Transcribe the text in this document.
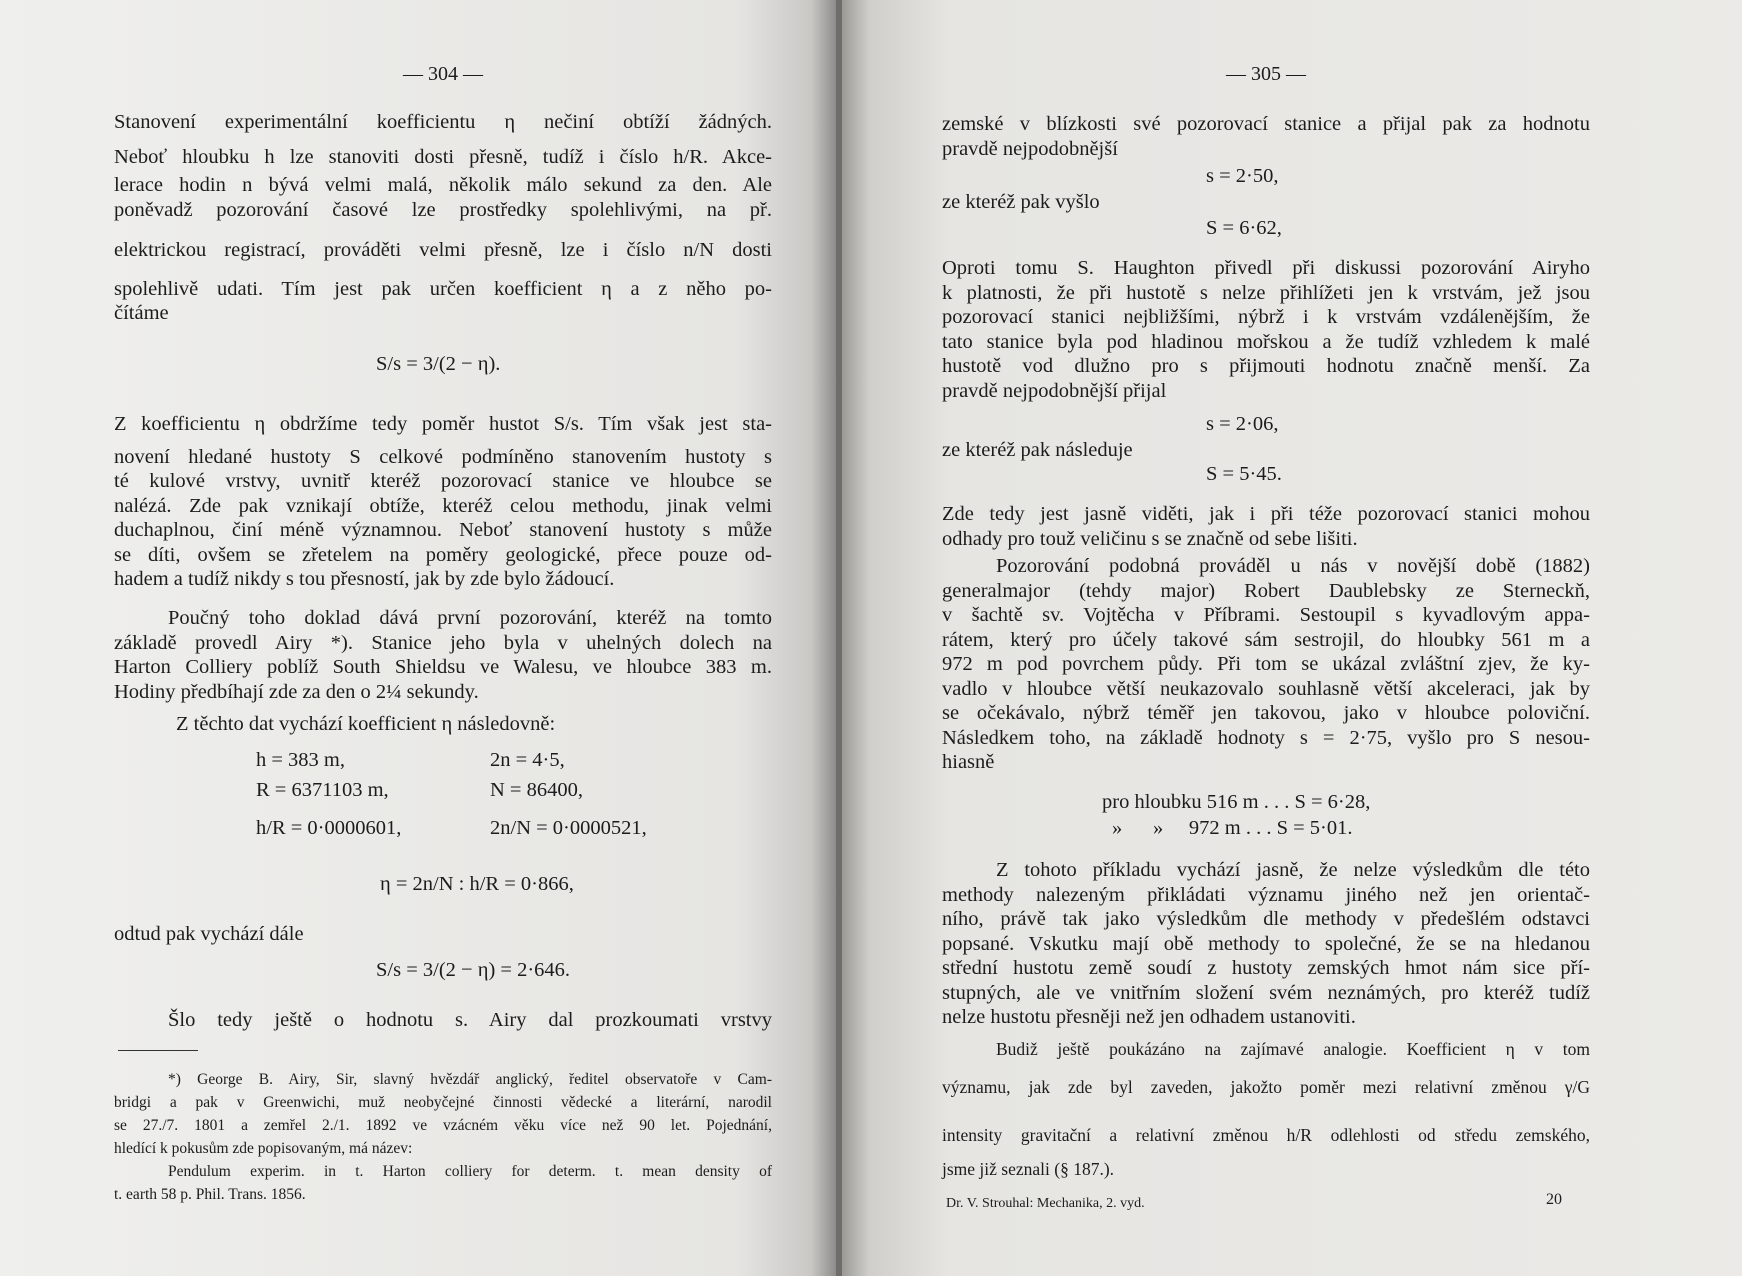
— 304 —
Stanovení experimentální koefficientu η nečiní obtíží žádných.
Neboť hloubku h lze stanoviti dosti přesně, tudíž i číslo h/R. Akce-
lerace hodin n bývá velmi malá, několik málo sekund za den. Ale
poněvadž pozorování časové lze prostředky spolehlivými, na př.
elektrickou registrací, prováděti velmi přesně, lze i číslo n/N dosti
spolehlivě udati. Tím jest pak určen koefficient η a z něho po-
čítáme
S/s = 3/(2 − η).
Z koefficientu η obdržíme tedy poměr hustot S/s. Tím však jest sta-
novení hledané hustoty S celkové podmíněno stanovením hustoty s
té kulové vrstvy, uvnitř kteréž pozorovací stanice ve hloubce se
nalézá. Zde pak vznikají obtíže, kteréž celou methodu, jinak velmi
duchaplnou, činí méně významnou. Neboť stanovení hustoty s může
se díti, ovšem se zřetelem na poměry geologické, přece pouze od-
hadem a tudíž nikdy s tou přesností, jak by zde bylo žádoucí.
Poučný toho doklad dává první pozorování, kteréž na tomto
základě provedl Airy *). Stanice jeho byla v uhelných dolech na
Harton Colliery poblíž South Shieldsu ve Walesu, ve hloubce 383 m.
Hodiny předbíhají zde za den o 2¼ sekundy.
Z těchto dat vychází koefficient η následovně:
h = 383 m,	2n = 4·5,
R = 6371103 m,	N = 86400,
h/R = 0·0000601,	2n/N = 0·0000521,
η = 2n/N : h/R = 0·866,
odtud pak vychází dále
S/s = 3/(2 − η) = 2·646.
Šlo tedy ještě o hodnotu s. Airy dal prozkoumati vrstvy
*) George B. Airy, Sir, slavný hvězdář anglický, ředitel observatoře v Cam-
bridgi a pak v Greenwichi, muž neobyčejné činnosti vědecké a literární, narodil
se 27./7. 1801 a zemřel 2./1. 1892 ve vzácném věku více než 90 let. Pojednání,
hledící k pokusům zde popisovaným, má název:
Pendulum experim. in t. Harton colliery for determ. t. mean density of
t. earth 58 p. Phil. Trans. 1856.
— 305 —
zemské v blízkosti své pozorovací stanice a přijal pak za hodnotu
pravdě nejpodobnější
s = 2·50,
ze kteréž pak vyšlo
S = 6·62,
Oproti tomu S. Haughton přivedl při diskussi pozorování Airyho
k platnosti, že při hustotě s nelze přihlížeti jen k vrstvám, jež jsou
pozorovací stanici nejbližšími, nýbrž i k vrstvám vzdálenějším, že
tato stanice byla pod hladinou mořskou a že tudíž vzhledem k malé
hustotě vod dlužno pro s přijmouti hodnotu značně menší. Za
pravdě nejpodobnější přijal
s = 2·06,
ze kteréž pak následuje
S = 5·45.
Zde tedy jest jasně viděti, jak i při téže pozorovací stanici mohou
odhady pro touž veličinu s se značně od sebe lišiti.
Pozorování podobná prováděl u nás v novější době (1882)
generalmajor (tehdy major) Robert Daublebsky ze Sterneckň,
v šachtě sv. Vojtěcha v Příbrami. Sestoupil s kyvadlovým appa-
rátem, který pro účely takové sám sestrojil, do hloubky 561 m a
972 m pod povrchem půdy. Při tom se ukázal zvláštní zjev, že ky-
vadlo v hloubce větší neukazovalo souhlasně větší akceleraci, jak by
se očekávalo, nýbrž téměř jen takovou, jako v hloubce poloviční.
Následkem toho, na základě hodnoty s = 2·75, vyšlo pro S nesou-
hiasně
pro hloubku 516 m . . . S = 6·28,
»      »     972 m . . . S = 5·01.
Z tohoto příkladu vychází jasně, že nelze výsledkům dle této
methody nalezeným přikládati významu jiného než jen orientač-
ního, právě tak jako výsledkům dle methody v předešlém odstavci
popsané. Vskutku mají obě methody to společné, že se na hledanou
střední hustotu země soudí z hustoty zemských hmot nám sice pří-
stupných, ale ve vnitřním složení svém neznámých, pro kteréž tudíž
nelze hustotu přesněji než jen odhadem ustanoviti.
Budiž ještě poukázáno na zajímavé analogie. Koefficient η v tom
významu, jak zde byl zaveden, jakožto poměr mezi relativní změnou γ/G
intensity gravitační a relativní změnou h/R odlehlosti od středu zemského,
jsme již seznali (§ 187.).
Dr. V. Strouhal: Mechanika, 2. vyd.	20
